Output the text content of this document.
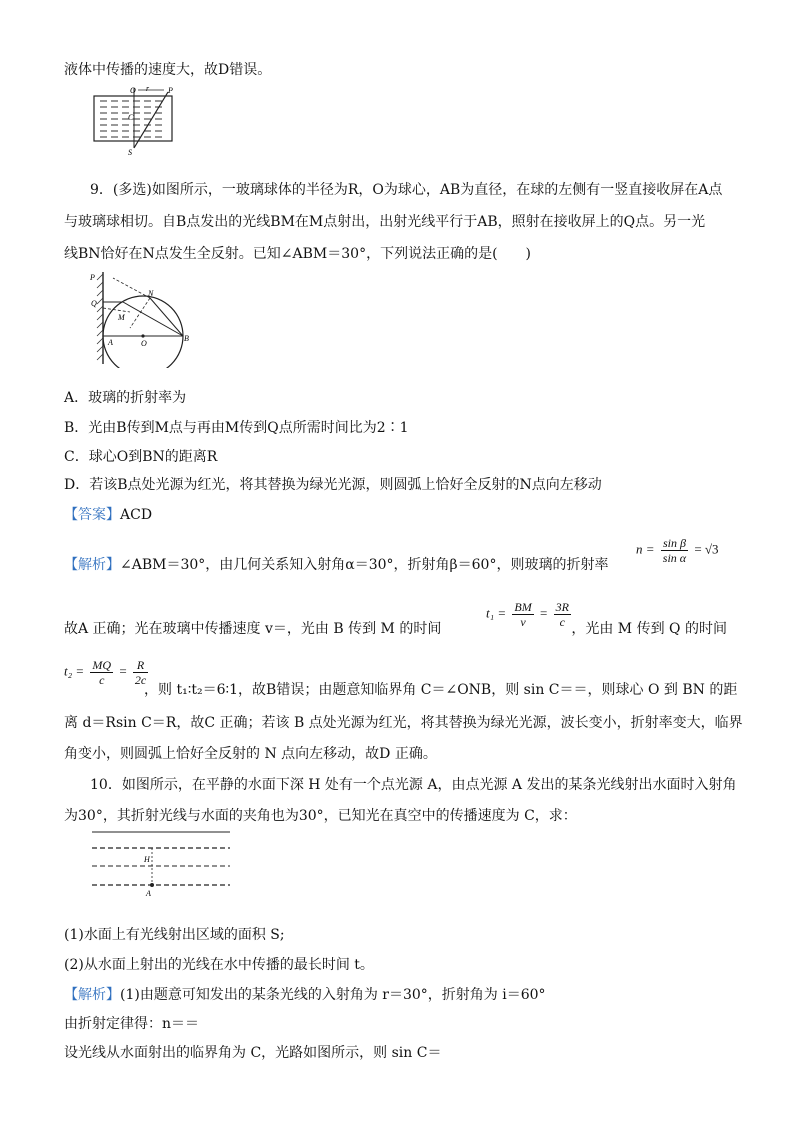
液体中传播的速度大，故D错误。
O r P
C
S
9．(多选)如图所示，一玻璃球体的半径为R，O为球心，AB为直径，在球的左侧有一竖直接收屏在A点
与玻璃球相切。自B点发出的光线BM在M点射出，出射光线平行于AB，照射在接收屏上的Q点。另一光
线BN恰好在N点发生全反射。已知∠ABM＝30°，下列说法正确的是(　　)
P
Q
N
M
A	O
B
A．玻璃的折射率为
B．光由B传到M点与再由M传到Q点所需时间比为2∶1
C．球心O到BN的距离R
D．若该B点处光源为红光，将其替换为绿光光源，则圆弧上恰好全反射的N点向左移动
【答案】ACD
【解析】∠ABM＝30°，由几何关系知入射角α＝30°，折射角β＝60°，则玻璃的折射率
$n = \frac{\text{sin β}}{\text{sin α}} = √3$
故A 正确；光在玻璃中传播速度 v＝，光由 B 传到 M 的时间	，光由 M 传到 Q 的时间
$t_1 = \frac{BM}{v} = \frac{3R}{c}$
$t_2 = \frac{MQ}{c} = \frac{R}{2c}$
，则 t₁∶t₂＝6∶1，故B错误；由题意知临界角 C＝∠ONB，则 sin C＝＝，则球心 O 到 BN 的距
离 d＝Rsin C＝R，故C 正确；若该 B 点处光源为红光，将其替换为绿光光源，波长变小，折射率变大，临界
角变小，则圆弧上恰好全反射的 N 点向左移动，故D 正确。
10．如图所示，在平静的水面下深 H 处有一个点光源 A，由点光源 A 发出的某条光线射出水面时入射角
为30°，其折射光线与水面的夹角也为30°，已知光在真空中的传播速度为 C，求：
H
A
(1)水面上有光线射出区域的面积 S;
(2)从水面上射出的光线在水中传播的最长时间 t。
【解析】(1)由题意可知发出的某条光线的入射角为 r＝30°，折射角为 i＝60°
由折射定律得：n＝＝
设光线从水面射出的临界角为 C，光路如图所示，则 sin C＝
